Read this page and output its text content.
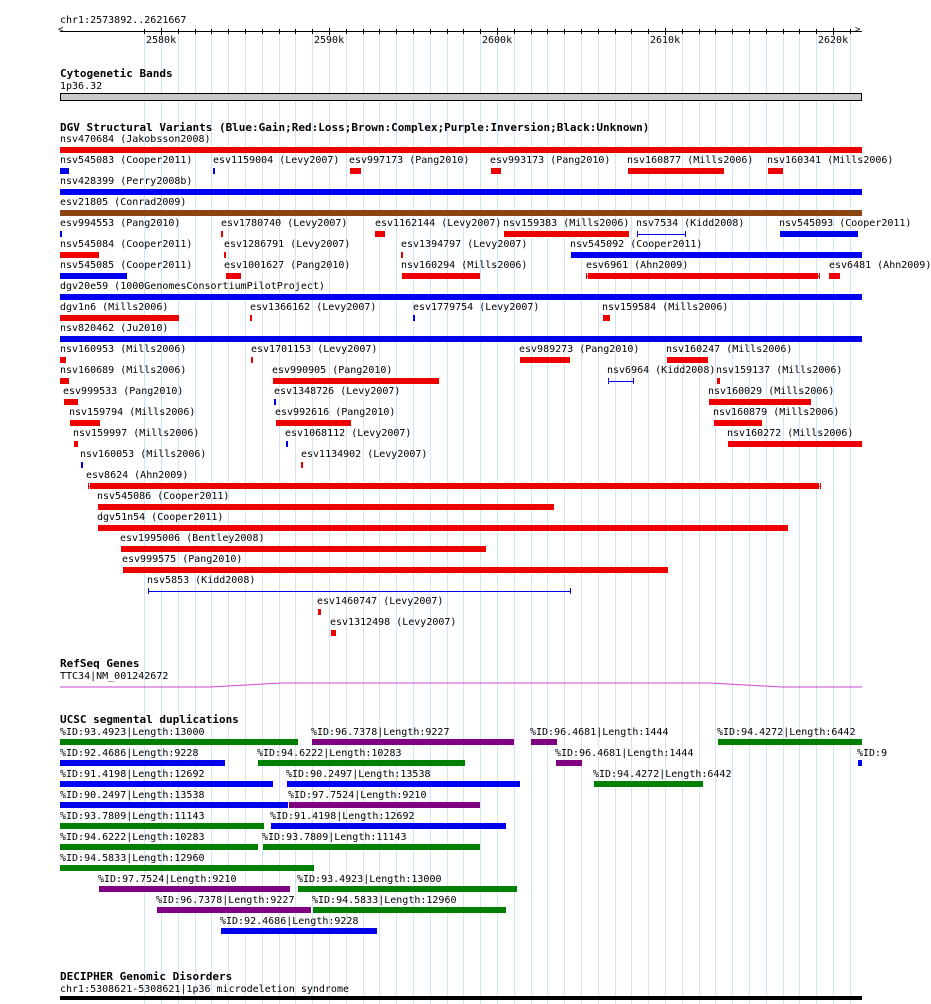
chr1:2573892..2621667
<	>
2580k	2590k	2600k	2610k	2620k
Cytogenetic Bands
1p36.32
DGV Structural Variants (Blue:Gain;Red:Loss;Brown:Complex;Purple:Inversion;Black:Unknown)
nsv470684 (Jakobsson2008)
nsv545083 (Cooper2011) esv1159004 (Levy2007) esv997173 (Pang2010) esv993173 (Pang2010) nsv160877 (Mills2006) nsv160341 (Mills2006)
nsv428399 (Perry2008b)
esv21805 (Conrad2009)
esv994553 (Pang2010)	esv1780740 (Levy2007)	esv1162144 (Levy2007) nsv159383 (Mills2006) nsv7534 (Kidd2008)	nsv545093 (Cooper2011)
nsv545084 (Cooper2011)	esv1286791 (Levy2007)	esv1394797 (Levy2007)	nsv545092 (Cooper2011)
nsv545085 (Cooper2011)	esv1001627 (Pang2010)	nsv160294 (Mills2006)	esv6961 (Ahn2009)	esv6481 (Ahn2009)
dgv20e59 (1000GenomesConsortiumPilotProject)
dgv1n6 (Mills2006)	esv1366162 (Levy2007)	esv1779754 (Levy2007)	nsv159584 (Mills2006)
nsv820462 (Ju2010)
nsv160953 (Mills2006)	esv1701153 (Levy2007)	esv989273 (Pang2010)	nsv160247 (Mills2006)
nsv160689 (Mills2006)	esv990905 (Pang2010)	nsv6964 (Kidd2008) nsv159137 (Mills2006)
esv999533 (Pang2010)	esv1348726 (Levy2007)	nsv160029 (Mills2006)
nsv159794 (Mills2006)	esv992616 (Pang2010)	nsv160879 (Mills2006)
nsv159997 (Mills2006)	esv1068112 (Levy2007)	nsv160272 (Mills2006)
nsv160053 (Mills2006)	esv1134902 (Levy2007)
esv8624 (Ahn2009)
nsv545086 (Cooper2011)
dgv51n54 (Cooper2011)
esv1995006 (Bentley2008)
esv999575 (Pang2010)
nsv5853 (Kidd2008)
esv1460747 (Levy2007)
esv1312498 (Levy2007)
RefSeq Genes
TTC34|NM_001242672
UCSC segmental duplications
%ID:93.4923|Length:13000	%ID:96.7378|Length:9227	%ID:96.4681|Length:1444	%ID:94.4272|Length:6442
%ID:92.4686|Length:9228	%ID:94.6222|Length:10283	%ID:96.4681|Length:1444	%ID:9
%ID:91.4198|Length:12692	%ID:90.2497|Length:13538	%ID:94.4272|Length:6442
%ID:90.2497|Length:13538	%ID:97.7524|Length:9210
%ID:93.7809|Length:11143	%ID:91.4198|Length:12692
%ID:94.6222|Length:10283	%ID:93.7809|Length:11143
%ID:94.5833|Length:12960
%ID:97.7524|Length:9210	%ID:93.4923|Length:13000
%ID:96.7378|Length:9227 %ID:94.5833|Length:12960
%ID:92.4686|Length:9228
DECIPHER Genomic Disorders
chr1:5308621-5308621|1p36 microdeletion syndrome
